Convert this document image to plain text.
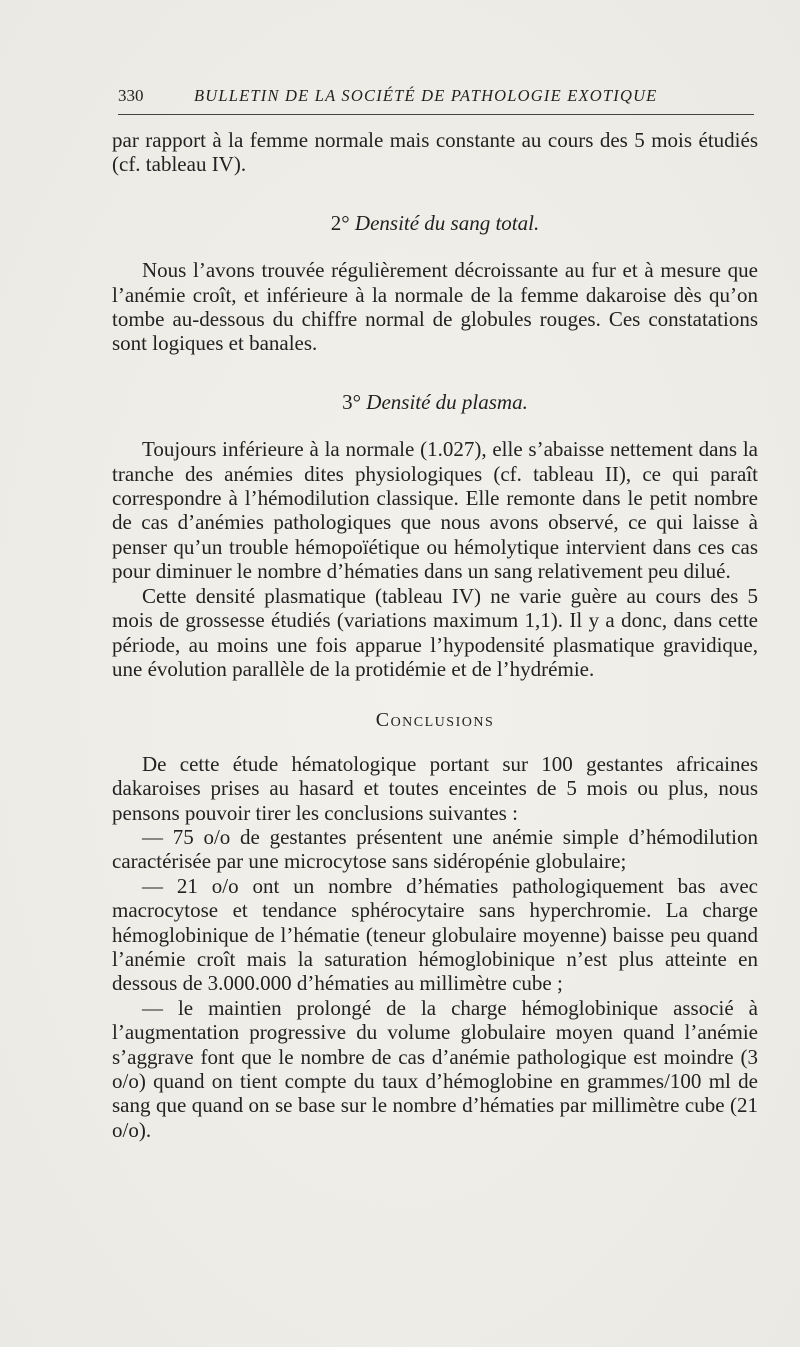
330	BULLETIN DE LA SOCIÉTÉ DE PATHOLOGIE EXOTIQUE

par rapport à la femme normale mais constante au cours des 5 mois étudiés (cf. tableau IV).

2° Densité du sang total.

Nous l’avons trouvée régulièrement décroissante au fur et à mesure que l’anémie croît, et inférieure à la normale de la femme dakaroise dès qu’on tombe au-dessous du chiffre normal de globules rouges. Ces constatations sont logiques et banales.

3° Densité du plasma.

Toujours inférieure à la normale (1.027), elle s’abaisse nettement dans la tranche des anémies dites physiologiques (cf. tableau II), ce qui paraît correspondre à l’hémodilution classique. Elle remonte dans le petit nombre de cas d’anémies pathologiques que nous avons observé, ce qui laisse à penser qu’un trouble hémopoïétique ou hémolytique intervient dans ces cas pour diminuer le nombre d’hématies dans un sang relativement peu dilué.

Cette densité plasmatique (tableau IV) ne varie guère au cours des 5 mois de grossesse étudiés (variations maximum 1,1). Il y a donc, dans cette période, au moins une fois apparue l’hypodensité plasmatique gravidique, une évolution parallèle de la protidémie et de l’hydrémie.

Conclusions

De cette étude hématologique portant sur 100 gestantes africaines dakaroises prises au hasard et toutes enceintes de 5 mois ou plus, nous pensons pouvoir tirer les conclusions suivantes :

— 75 o/o de gestantes présentent une anémie simple d’hémodilution caractérisée par une microcytose sans sidéropénie globulaire;

— 21 o/o ont un nombre d’hématies pathologiquement bas avec macrocytose et tendance sphérocytaire sans hyperchromie. La charge hémoglobinique de l’hématie (teneur globulaire moyenne) baisse peu quand l’anémie croît mais la saturation hémoglobinique n’est plus atteinte en dessous de 3.000.000 d’hématies au millimètre cube ;

— le maintien prolongé de la charge hémoglobinique associé à l’augmentation progressive du volume globulaire moyen quand l’anémie s’aggrave font que le nombre de cas d’anémie pathologique est moindre (3 o/o) quand on tient compte du taux d’hémoglobine en grammes/100 ml de sang que quand on se base sur le nombre d’hématies par millimètre cube (21 o/o).
